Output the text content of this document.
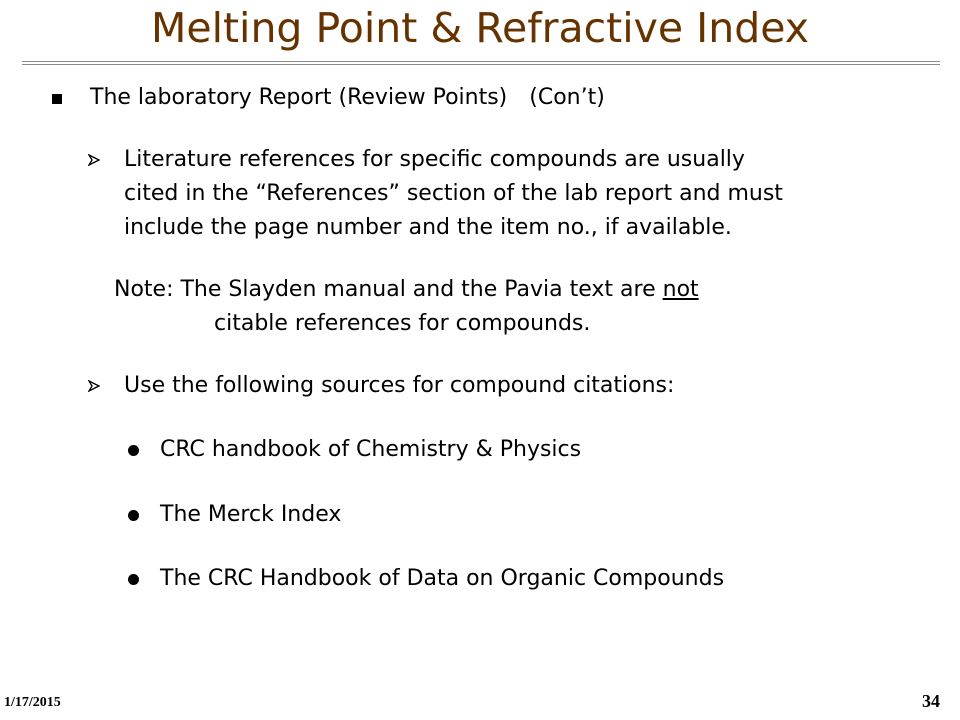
Melting Point & Refractive Index
The laboratory Report (Review Points) (Con’t)
Literature references for specific compounds are usually
cited in the “References” section of the lab report and must
include the page number and the item no., if available.
Note: The Slayden manual and the Pavia text are not
citable references for compounds.
Use the following sources for compound citations:
CRC handbook of Chemistry & Physics
The Merck Index
The CRC Handbook of Data on Organic Compounds
1/17/2015	34
